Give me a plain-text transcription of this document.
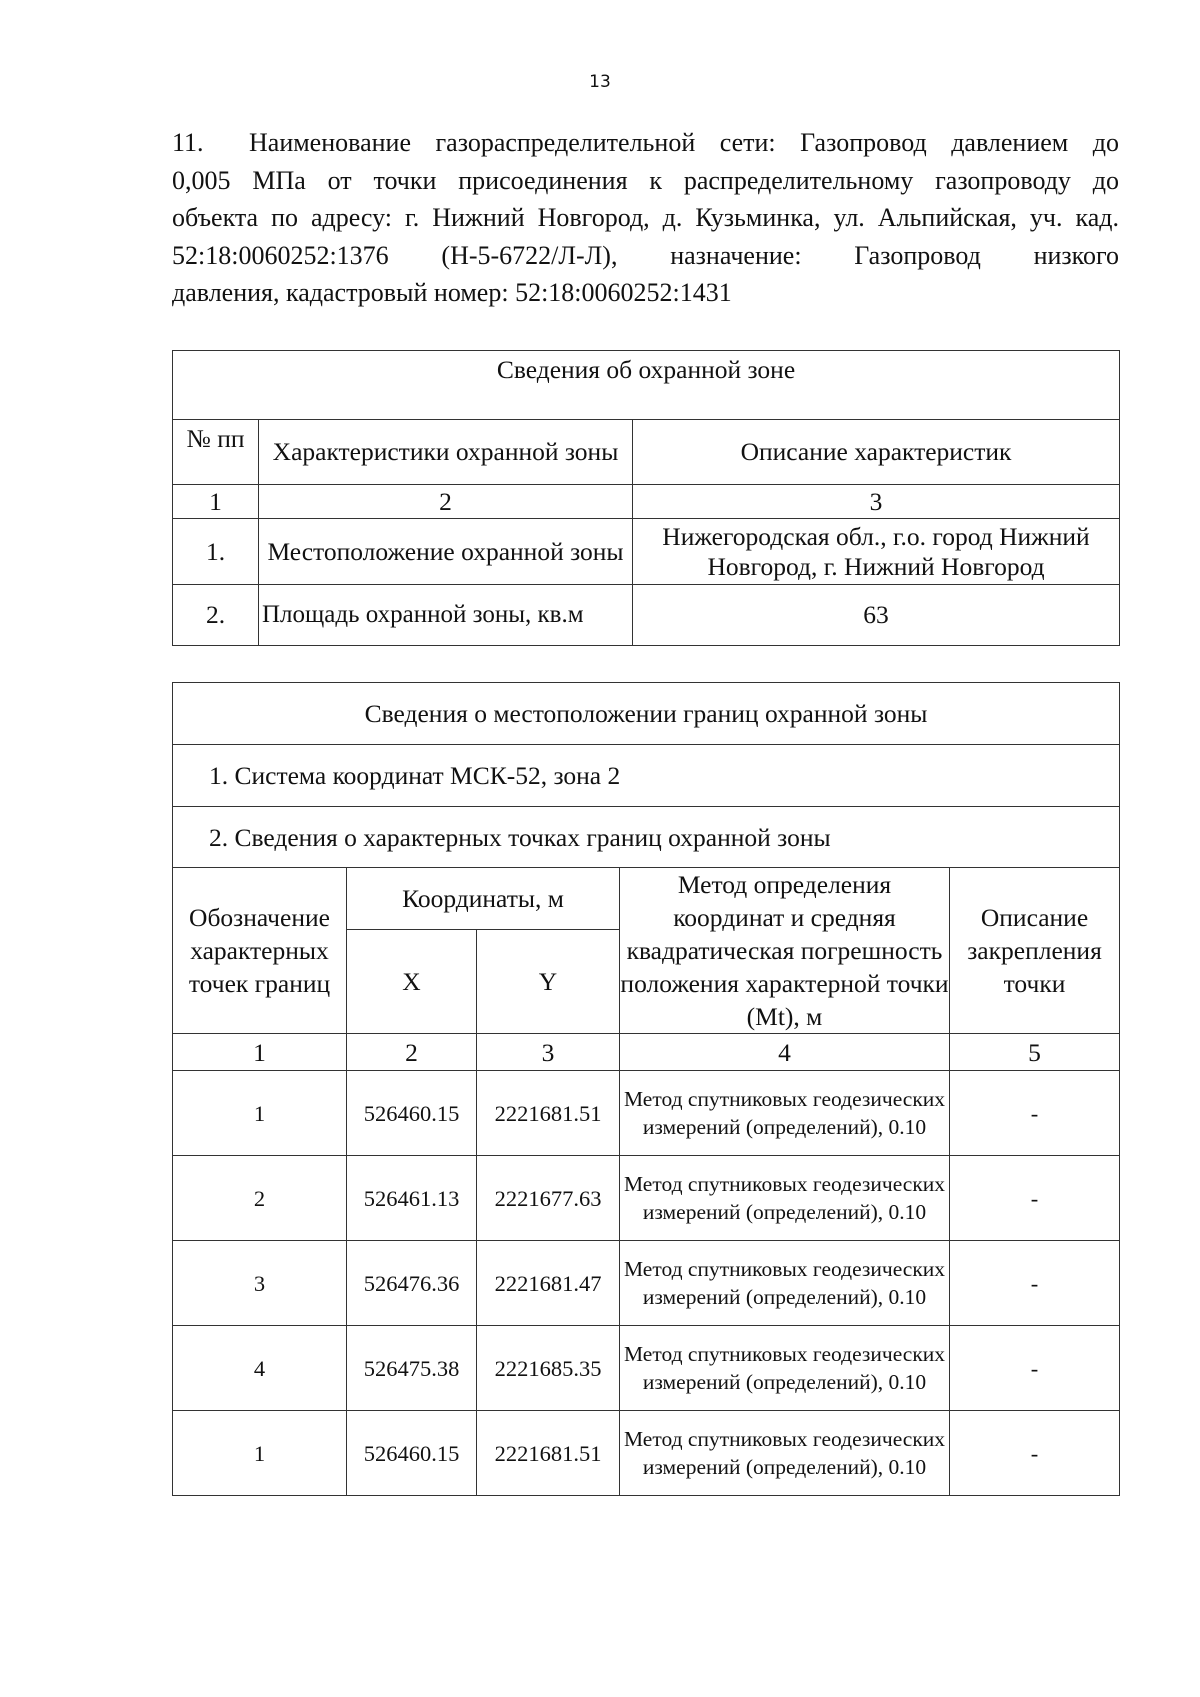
13
11. Наименование газораспределительной сети: Газопровод давлением до
0,005 МПа от точки присоединения к распределительному газопроводу до
объекта по адресу: г. Нижний Новгород, д. Кузьминка, ул. Альпийская, уч. кад.
52:18:0060252:1376 (Н-5-6722/Л-Л), назначение: Газопровод низкого
давления, кадастровый номер: 52:18:0060252:1431
Сведения об охранной зоне		
№ пп	Характеристики охранной зоны	Описание характеристик
1	2	3
1.	Местоположение охранной зоны	Нижегородская обл., г.о. город Нижний Новгород, г. Нижний Новгород
2.	Площадь охранной зоны, кв.м	63
Сведения о местоположении границ охранной зоны				
1. Система координат МСК-52, зона 2				
2. Сведения о характерных точках границ охранной зоны				
Обозначение характерных точек границ	Координаты, м		Метод определения координат и средняя квадратическая погрешность положения характерной точки (Mt), м	Описание закрепления точки
	X	Y		
1	2	3	4	5
1	526460.15	2221681.51	Метод спутниковых геодезических измерений (определений), 0.10	-
2	526461.13	2221677.63	Метод спутниковых геодезических измерений (определений), 0.10	-
3	526476.36	2221681.47	Метод спутниковых геодезических измерений (определений), 0.10	-
4	526475.38	2221685.35	Метод спутниковых геодезических измерений (определений), 0.10	-
1	526460.15	2221681.51	Метод спутниковых геодезических измерений (определений), 0.10	-
